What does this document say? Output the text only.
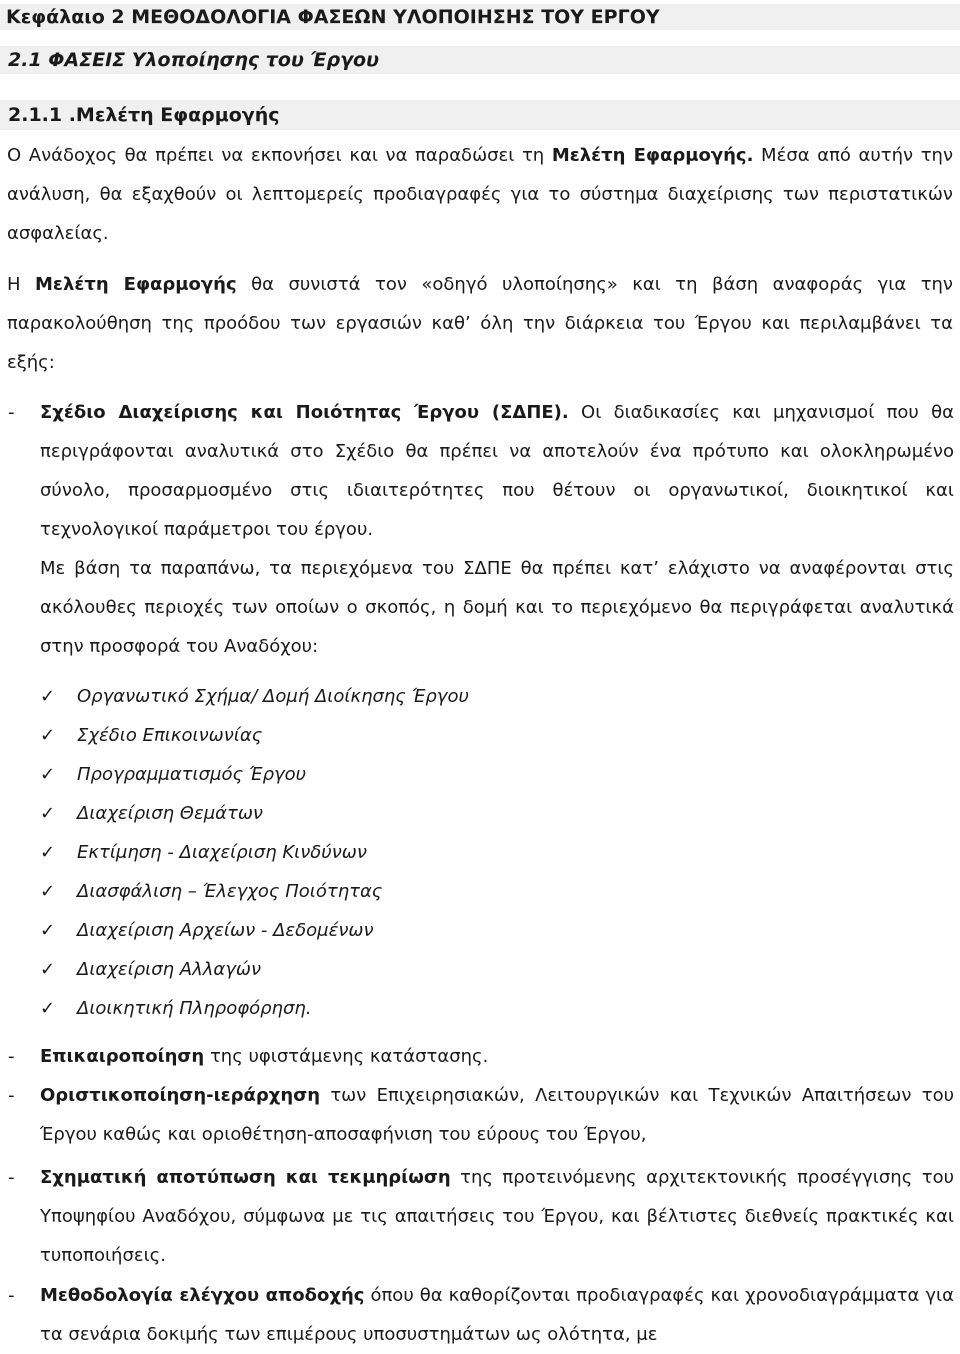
Κεφάλαιο 2 ΜΕΘΟΔΟΛΟΓΙΑ ΦΑΣΕΩΝ ΥΛΟΠΟΙΗΣΗΣ ΤΟΥ ΕΡΓΟΥ
2.1 ΦΑΣΕΙΣ Υλοποίησης του Έργου
2.1.1 .Μελέτη Εφαρμογής

Ο Ανάδοχος θα πρέπει να εκπονήσει και να παραδώσει τη Μελέτη Εφαρμογής. Μέσα από αυτήν την ανάλυση, θα εξαχθούν οι λεπτομερείς προδιαγραφές για το σύστημα διαχείρισης των περιστατικών ασφαλείας.

Η Μελέτη Εφαρμογής θα συνιστά τον «οδηγό υλοποίησης» και τη βάση αναφοράς για την παρακολούθηση της προόδου των εργασιών καθ’ όλη την διάρκεια του Έργου και περιλαμβάνει τα εξής:

- Σχέδιο Διαχείρισης και Ποιότητας Έργου (ΣΔΠΕ). Οι διαδικασίες και μηχανισμοί που θα περιγράφονται αναλυτικά στο Σχέδιο θα πρέπει να αποτελούν ένα πρότυπο και ολοκληρωμένο σύνολο, προσαρμοσμένο στις ιδιαιτερότητες που θέτουν οι οργανωτικοί, διοικητικοί και τεχνολογικοί παράμετροι του έργου.

Με βάση τα παραπάνω, τα περιεχόμενα του ΣΔΠΕ θα πρέπει κατ’ ελάχιστο να αναφέρονται στις ακόλουθες περιοχές των οποίων ο σκοπός, η δομή και το περιεχόμενο θα περιγράφεται αναλυτικά στην προσφορά του Αναδόχου:

✓ Οργανωτικό Σχήμα/ Δομή Διοίκησης Έργου
✓ Σχέδιο Επικοινωνίας
✓ Προγραμματισμός Έργου
✓ Διαχείριση Θεμάτων
✓ Εκτίμηση - Διαχείριση Κινδύνων
✓ Διασφάλιση – Έλεγχος Ποιότητας
✓ Διαχείριση Αρχείων - Δεδομένων
✓ Διαχείριση Αλλαγών
✓ Διοικητική Πληροφόρηση.
- Επικαιροποίηση της υφιστάμενης κατάστασης.

- Οριστικοποίηση-ιεράρχηση των Επιχειρησιακών, Λειτουργικών και Τεχνικών Απαιτήσεων του Έργου καθώς και οριοθέτηση-αποσαφήνιση του εύρους του Έργου,

- Σχηματική αποτύπωση και τεκμηρίωση της προτεινόμενης αρχιτεκτονικής προσέγγισης του Υποψηφίου Αναδόχου, σύμφωνα με τις απαιτήσεις του Έργου, και βέλτιστες διεθνείς πρακτικές και τυποποιήσεις.

- Μεθοδολογία ελέγχου αποδοχής όπου θα καθορίζονται προδιαγραφές και χρονοδιαγράμματα για τα σενάρια δοκιμής των επιμέρους υποσυστημάτων ως ολότητα, με
